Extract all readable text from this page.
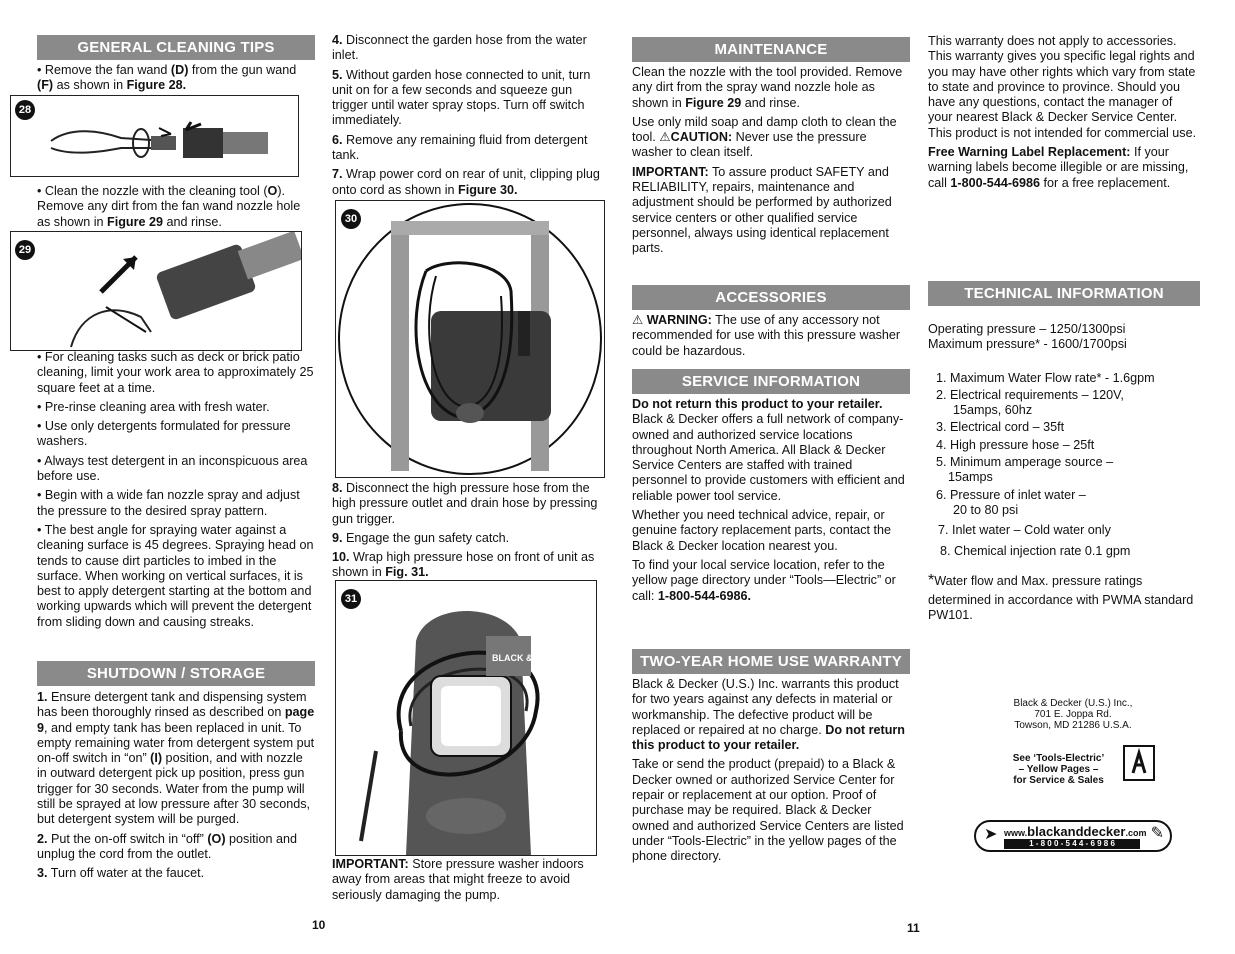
GENERAL CLEANING TIPS

• Remove the fan wand (D) from the gun wand (F) as shown in Figure 28.

28

• Clean the nozzle with the cleaning tool (O). Remove any dirt from the fan wand nozzle hole as shown in Figure 29 and rinse.

29

• For cleaning tasks such as deck or brick patio cleaning, limit your work area to approximately 25 square feet at a time.

• Pre-rinse cleaning area with fresh water.

• Use only detergents formulated for pressure washers.

• Always test detergent in an inconspicuous area before use.

• Begin with a wide fan nozzle spray and adjust the pressure to the desired spray pattern.

• The best angle for spraying water against a cleaning surface is 45 degrees. Spraying head on tends to cause dirt particles to imbed in the surface. When working on vertical surfaces, it is best to apply detergent starting at the bottom and working upwards which will prevent the detergent from sliding down and causing streaks.

SHUTDOWN / STORAGE

1. Ensure detergent tank and dispensing system has been thoroughly rinsed as described on page 9, and empty tank has been replaced in unit. To empty remaining water from detergent system put on-off switch in “on” (I) position, and with nozzle in outward detergent pick up position, press gun trigger for 30 seconds. Water from the pump will still be sprayed at low pressure after 30 seconds, but detergent system will be purged.

2. Put the on-off switch in “off” (O) position and unplug the cord from the outlet.

3. Turn off water at the faucet.

10

4. Disconnect the garden hose from the water inlet.

5. Without garden hose connected to unit, turn unit on for a few seconds and squeeze gun trigger until water spray stops. Turn off switch immediately.

6. Remove any remaining fluid from detergent tank.

7. Wrap power cord on rear of unit, clipping plug onto cord as shown in Figure 30.

30

8. Disconnect the high pressure hose from the high pressure outlet and drain hose by pressing gun trigger.

9. Engage the gun safety catch.

10. Wrap high pressure hose on front of unit as shown in Fig. 31.

31
BLACK & DECKER

IMPORTANT: Store pressure washer indoors away from areas that might freeze to avoid seriously damaging the pump.

MAINTENANCE

Clean the nozzle with the tool provided. Remove any dirt from the spray wand nozzle hole as shown in Figure 29 and rinse.

Use only mild soap and damp cloth to clean the tool. ⚠CAUTION: Never use the pressure washer to clean itself.

IMPORTANT: To assure product SAFETY and RELIABILITY, repairs, maintenance and adjustment should be performed by authorized service centers or other qualified service personnel, always using identical replacement parts.

ACCESSORIES

⚠ WARNING: The use of any accessory not recommended for use with this pressure washer could be hazardous.

SERVICE INFORMATION

Do not return this product to your retailer. Black & Decker offers a full network of company-owned and authorized service locations throughout North America. All Black & Decker Service Centers are staffed with trained personnel to provide customers with efficient and reliable power tool service.

Whether you need technical advice, repair, or genuine factory replacement parts, contact the Black & Decker location nearest you.

To find your local service location, refer to the yellow page directory under “Tools—Electric” or call: 1-800-544-6986.

TWO-YEAR HOME USE WARRANTY

Black & Decker (U.S.) Inc. warrants this product for two years against any defects in material or workmanship. The defective product will be replaced or repaired at no charge. Do not return this product to your retailer.

Take or send the product (prepaid) to a Black & Decker owned or authorized Service Center for repair or replacement at our option. Proof of purchase may be required. Black & Decker owned and authorized Service Centers are listed under “Tools-Electric” in the yellow pages of the phone directory.

11

This warranty does not apply to accessories. This warranty gives you specific legal rights and you may have other rights which vary from state to state and province to province. Should you have any questions, contact the manager of your nearest Black & Decker Service Center. This product is not intended for commercial use.

Free Warning Label Replacement: If your warning labels become illegible or are missing, call 1-800-544-6986 for a free replacement.

TECHNICAL INFORMATION

Operating pressure – 1250/1300psi

Maximum pressure* - 1600/1700psi

1. Maximum Water Flow rate* - 1.6gpm
2. Electrical requirements – 120V,
15amps, 60hz
3. Electrical cord – 35ft
4. High pressure hose – 25ft
5. Minimum amperage source –
15amps
6. Pressure of inlet water –
20 to 80 psi
7. Inlet water – Cold water only
8. Chemical injection rate 0.1 gpm

*Water flow and Max. pressure ratings

determined in accordance with PWMA standard PW101.

Black & Decker (U.S.) Inc.,
701 E. Joppa Rd.
Towson, MD 21286 U.S.A.
See ‘Tools-Electric’
– Yellow Pages –
for Service & Sales
➤ www.blackanddecker.com
1 - 8 0 0 - 5 4 4 - 6 9 8 6
✎
